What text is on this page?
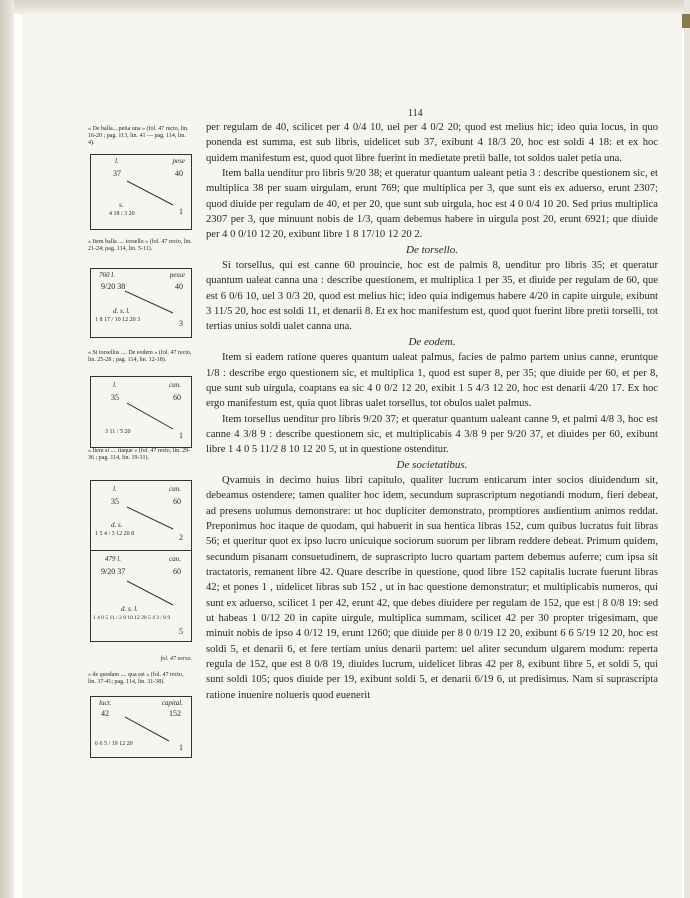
114
« De balla....petia una » (fol. 47 recto, lin. 16-20 ; pag. 113, lin. 41 — pag. 114, lin. 4).
« Item balla .... torsello » (fol. 47 recto, lin. 21-24; pag. 114, lin. 5-11).
« Si torsellus .... De eodem » (fol. 47 recto, lin. 25-28 ; pag. 114, lin. 12-18).
« Item si .... itaque » (fol. 47 recto, lin. 29-36 ; pag. 114, lin. 19-31).
fol. 47 verso.
« de quodam .... qua est » (fol. 47 recto, lin. 37-41; pag. 114, lin. 31-38).
l.	pese
37	40
s.
4 18 / 3 20	1
760 l.	pesse
9/20 38	40
d. s. l.
1 8 17 / 10 12 20 3	3
l.	can.
35	60
3 11 / 5 20	1
l.	can.
35	60
d. s.
1 5 4 / 3 12 20 8	2
479 l.	can.
9/20 37	60
d. s. l.
1 4 0 5 11 / 2 8 10 12 20 5 4 3 / 8 9
5
lucr.	capital.
42	152
6 6 5 / 19 12 20	1

per regulam de 40, scilicet per 4 0/4 10, uel per 4 0/2 20; quod est melius hic; ideo quia locus, in quo ponenda est summa, est sub libris, uidelicet sub 37, exibunt 4 18/3 20, hoc est soldi 4 18: et ex hoc quidem manifestum est, quod quot libre fuerint in medietate pretii balle, tot soldos ualet petia una.

Item balla uenditur pro libris 9/20 38; et queratur quantum ualeant petia 3 : describe questionem sic, et multiplica 38 per suam uirgulam, erunt 769; que multiplica per 3, que sunt eis ex aduerso, erunt 2307; quod diuide per regulam de 40, et per 20, que sunt sub uirgula, hoc est 4 0 0/4 10 20. Sed prius multiplica 2307 per 3, que minuunt nobis de 1/3, quam debemus habere in uirgula post 20, erunt 6921; que diuide per 4 0 0/10 12 20, exibunt libre 1 8 17/10 12 20 2.

De torsello.

Si torsellus, qui est canne 60 prouincie, hoc est de palmis 8, uenditur pro libris 35; et queratur quantum ualeat canna una : describe questionem, et multiplica 1 per 35, et diuide per regulam de 60, que est 6 0/6 10, uel 3 0/3 20, quod est melius hic; ideo quia indigemus habere 4/20 in capite uirgule, exibunt 3 11/5 20, hoc est soldi 11, et denarii 8. Et ex hoc manifestum est, quod quot fuerint libre pretii torselli, tot tertias unius soldi ualet canna una.

De eodem.

Item si eadem ratione queres quantum ualeat palmus, facies de palmo partem unius canne, eruntque 1/8 : describe ergo questionem sic, et multiplica 1, quod est super 8, per 35; que diuide per 60, et per 8, que sunt sub uirgula, coaptans ea sic 4 0 0/2 12 20, exibit 1 5 4/3 12 20, hoc est denarii 4/20 17. Ex hoc ergo manifestum est, quia quot libras ualet torsellus, tot obulos ualet palmus.

Item torsellus uenditur pro libris 9/20 37; et queratur quantum ualeant canne 9, et palmi 4/8 3, hoc est canne 4 3/8 9 : describe questionem sic, et multiplicabis 4 3/8 9 per 9/20 37, et diuides per 60, exibunt libre 1 4 0 5 11/2 8 10 12 20 5, ut in questione ostenditur.

De societatibus.

Qvamuis in decimo huius libri capitulo, qualiter lucrum enticarum inter socios diuidendum sit, debeamus ostendere; tamen qualiter hoc idem, secundum suprascriptum negotiandi modum, fieri debeat, ad presens uolumus demonstrare: ut hoc dupliciter demonstrato, promptiores audientium animos reddat. Preponimus hoc itaque de quodam, qui habuerit in sua hentica libras 152, cum quibus lucratus fuit libras 56; et queritur quot ex ipso lucro unicuique sociorum suorum per libram reddere debeat. Primum quidem, secundum pisanam consuetudinem, de suprascripto lucro quartam partem debemus auferre; cum ipsa sit tractatoris, remanent libre 42. Quare describe in questione, quod libre 152 capitalis lucrate fuerunt libras 42; et pones 1 , uidelicet libras sub 152 , ut in hac questione demonstratur; et multiplicabis numeros, qui sunt ex aduerso, scilicet 1 per 42, erunt 42, que debes diuidere per regulam de 152, que est | 8 0/8 19: sed ut habeas 1 0/12 20 in capite uirgule, multiplica summam, scilicet 42 per 30 propter trigesimam, que minuit nobis de ipso 4 0/12 19, erunt 1260; que diuide per 8 0 0/19 12 20, exibunt 6 6 5/19 12 20, hoc est soldi 5, et denarii 6, et fere tertiam unius denarii partem: uel aliter secundum ulgarem modum: reperta regula de 152, que est 8 0/8 19, diuides lucrum, uidelicet libras 42 per 8, exibunt libre 5, et soldi 5, qui sunt soldi 105; quos diuide per 19, exibunt soldi 5, et denarii 6/19 6, ut predisimus. Nam si suprascripta ratione inuenire nolueris quod euenerit
